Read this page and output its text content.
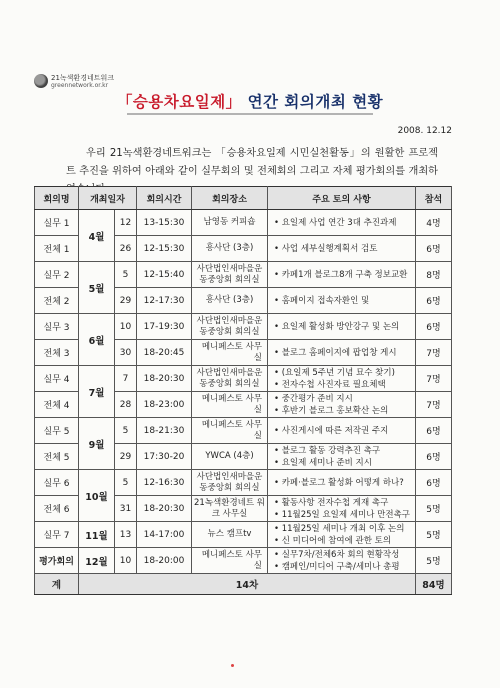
21녹색환경네트워크
greennetwork.or.kr
「승용차요일제」 연간 회의개최 현황
2008. 12.12

우리 21녹색환경네트워크는 「승용차요일제 시민실천활동」의 원활한 프로젝트 추진을 위하여 아래와 같이 실무회의 및 전체회의 그리고 자체 평가회의를 개최하

회의명	개최일자		회의시간	회의장소	주요 토의 사항	참석
실무 1	4월	12	13-15:30	남영동 커피숍	• 요일제 사업 연간 3대 추진과제	4명
전체 1		26	12-15:30	흥사단 (3층)	• 사업 세부실행계획서 검토	6명
실무 2	5월	5	12-15:40	사단법인새마을운동중앙회 회의실	• 카페1개 블로그8개 구축 정보교환	8명
전체 2		29	12-17:30	흥사단 (3층)	• 홈페이지 접속자환인 및	6명
실무 3	6월	10	17-19:30	사단법인새마을운동중앙회 회의실	• 요일제 활성화 방안강구 및 논의	6명
전체 3		30	18-20:45	메니페스토 사무실	• 블로그 홈페이지에 팝업창 게시	7명
실무 4	7월	7	18-20:30	사단법인새마을운동중앙회 회의실	• (요일제 5주년 기념 묘수 찾기)
• 전자수첩 사진자료 필요체택	7명
전체 4		28	18-23:00	메니페스토 사무실	• 중간평가 준비 지시
• 후반기 블로그 홍보확산 논의	7명
실무 5	9월	5	18-21:30	메니페스토 사무실	• 사진게시에 따른 저작권 주지	6명
전체 5		29	17:30-20	YWCA (4층)	• 블로그 활동 강력추진 촉구
• 요일제 세미나 준비 지시	6명
실무 6	10월	5	12-16:30	사단법인새마을운동중앙회 회의실	• 카페·블로그 활성화 어떻게 하나?	6명
전체 6		31	18-20:30	21녹색환경네트 워크 사무실	• 활동사항 전자수첩 게재 촉구
• 11월25일 요일제 세미나 만전촉구	5명
실무 7	11월	13	14-17:00	뉴스 캠프tv	• 11월25일 세미나 개최 이후 논의
• 신 미디어에 참여에 관한 토의	5명
평가회의	12월	10	18-20:00	메니페스토 사무실	• 실무7차/전체6차 회의 현황작성
• 캠페인/미디어 구축/세미나 총평	5명
계	14차					84명
